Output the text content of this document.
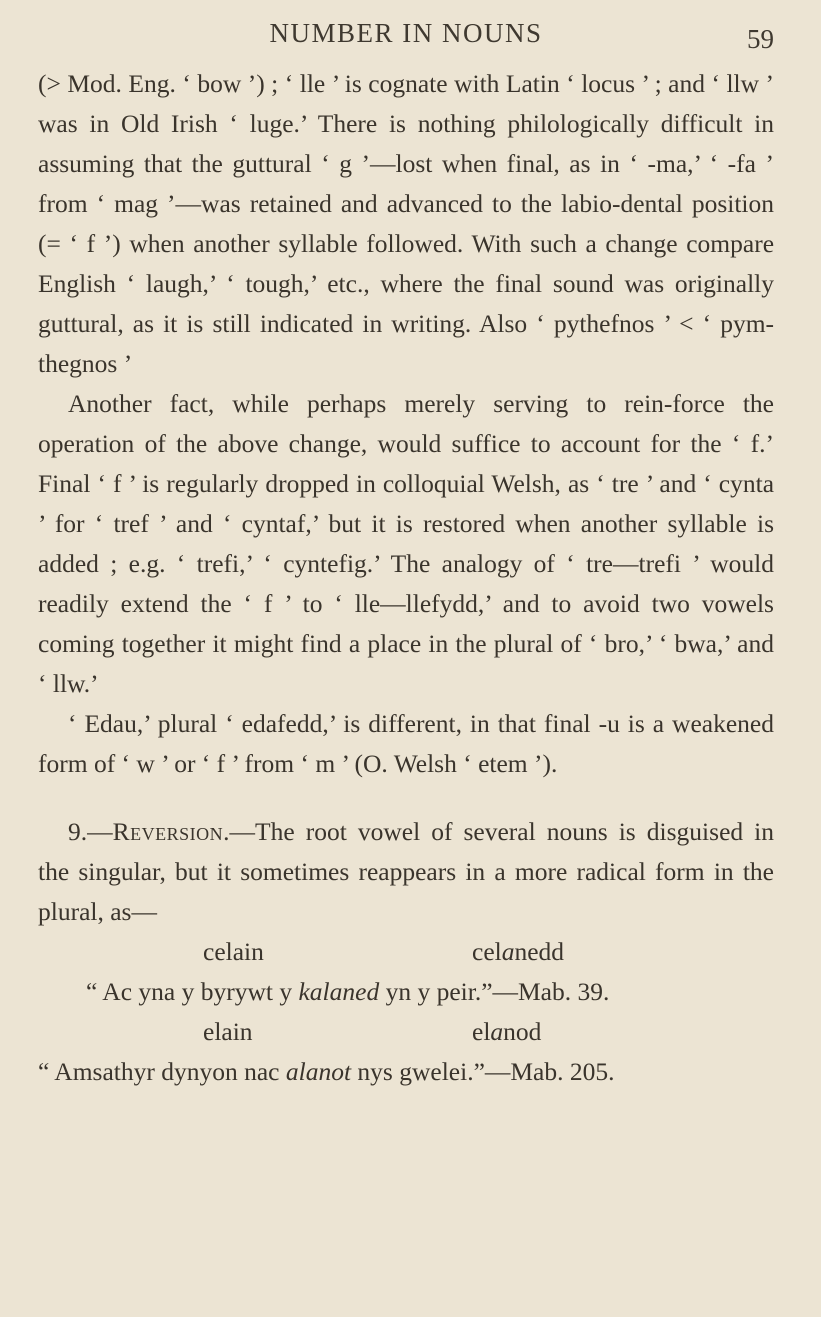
NUMBER IN NOUNS	59

(> Mod. Eng. ‘ bow ’) ; ‘ lle ’ is cognate with Latin ‘ locus ’ ; and ‘ llw ’ was in Old Irish ‘ luge.’ There is nothing philologically difficult in assuming that the guttural ‘ g ’—lost when final, as in ‘ -ma,’ ‘ -fa ’ from ‘ mag ’—was retained and advanced to the labio-dental position (= ‘ f ’) when another syllable followed. With such a change compare English ‘ laugh,’ ‘ tough,’ etc., where the final sound was originally guttural, as it is still indicated in writing. Also ‘ pythefnos ’ < ‘ pym-thegnos ’

Another fact, while perhaps merely serving to rein-force the operation of the above change, would suffice to account for the ‘ f.’ Final ‘ f ’ is regularly dropped in colloquial Welsh, as ‘ tre ’ and ‘ cynta ’ for ‘ tref ’ and ‘ cyntaf,’ but it is restored when another syllable is added ; e.g. ‘ trefi,’ ‘ cyntefig.’ The analogy of ‘ tre—trefi ’ would readily extend the ‘ f ’ to ‘ lle—llefydd,’ and to avoid two vowels coming together it might find a place in the plural of ‘ bro,’ ‘ bwa,’ and ‘ llw.’

‘ Edau,’ plural ‘ edafedd,’ is different, in that final -u is a weakened form of ‘ w ’ or ‘ f ’ from ‘ m ’ (O. Welsh ‘ etem ’).

9.—Reversion.—The root vowel of several nouns is disguised in the singular, but it sometimes reappears in a more radical form in the plural, as—

celain	celanedd
“ Ac yna y byrywt y kalaned yn y peir.”—Mab. 39.
elain	elanod
“ Amsathyr dynyon nac alanot nys gwelei.”—Mab. 205.
